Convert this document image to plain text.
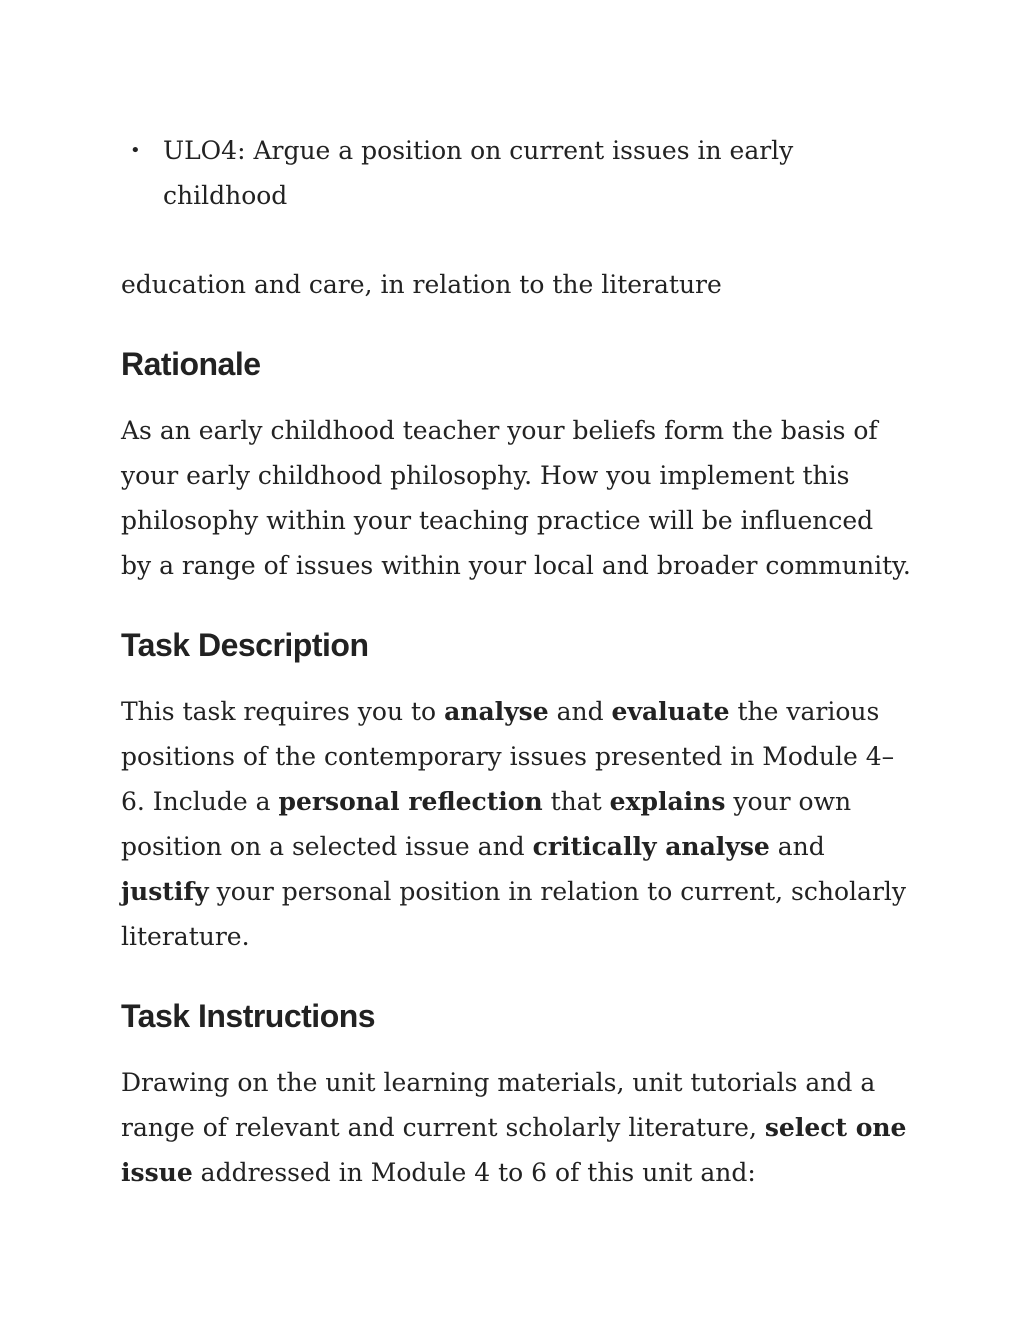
• ULO4: Argue a position on current issues in early childhood

education and care, in relation to the literature

Rationale

As an early childhood teacher your beliefs form the basis of your early childhood philosophy. How you implement this philosophy within your teaching practice will be influenced by a range of issues within your local and broader community.

Task Description

This task requires you to analyse and evaluate the various positions of the contemporary issues presented in Module 4–6. Include a personal reflection that explains your own position on a selected issue and critically analyse and justify your personal position in relation to current, scholarly literature.

Task Instructions

Drawing on the unit learning materials, unit tutorials and a range of relevant and current scholarly literature, select one issue addressed in Module 4 to 6 of this unit and:
